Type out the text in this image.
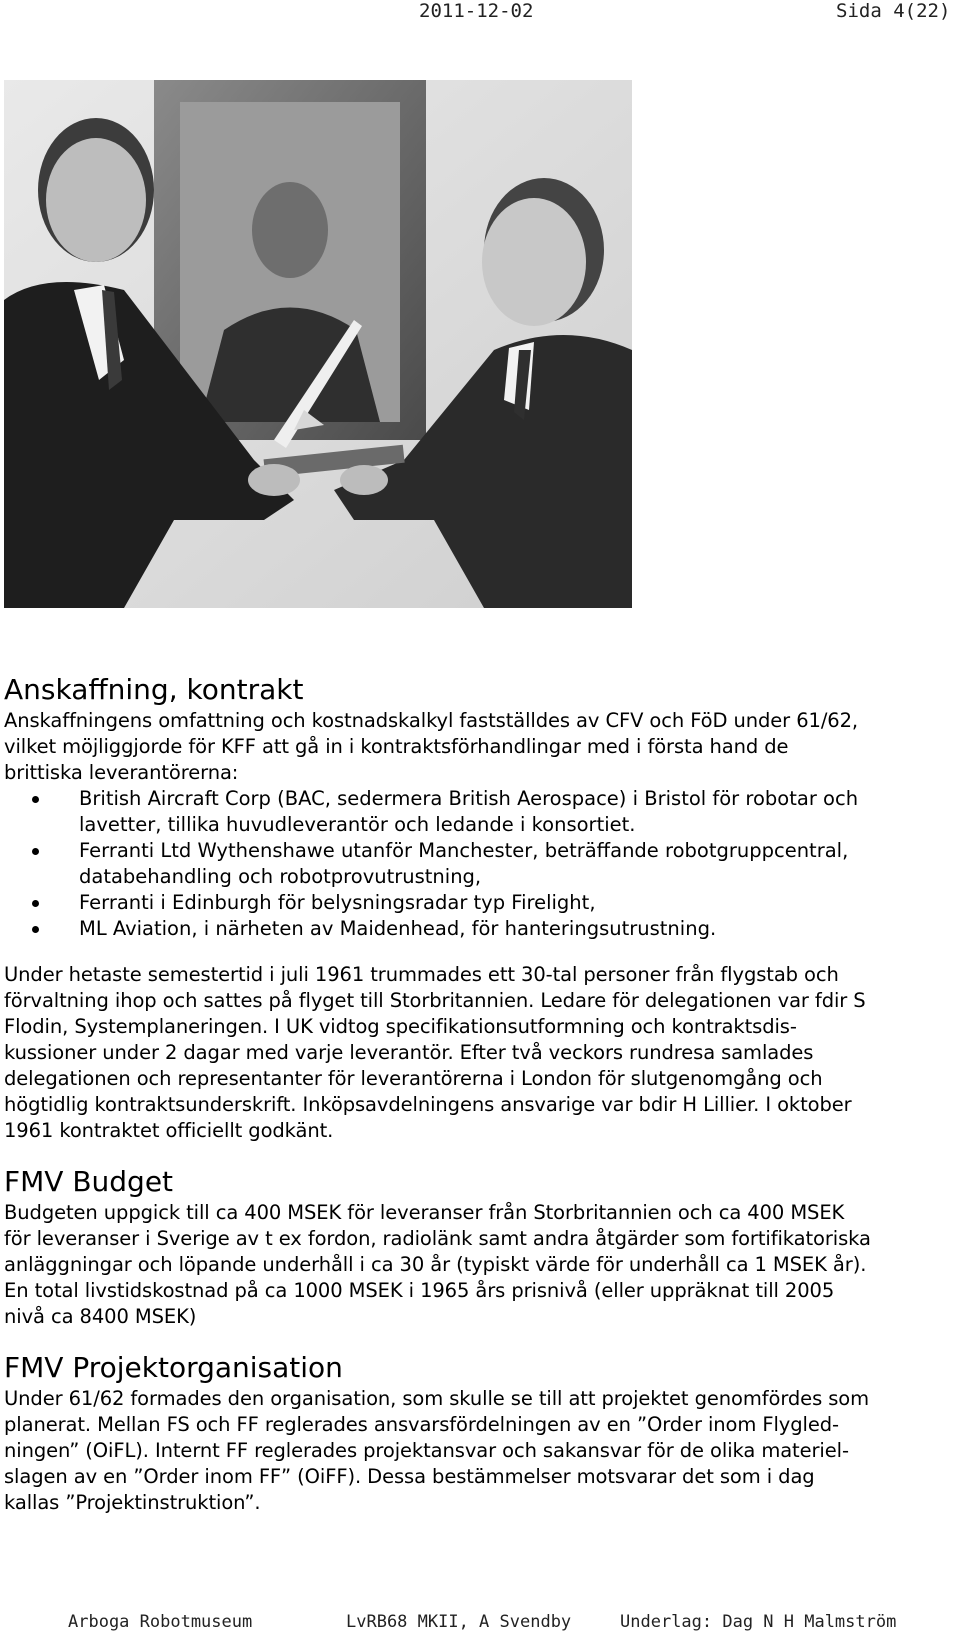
2011-12-02	Sida 4(22)
Anskaffning, kontrakt

Anskaffningens omfattning och kostnadskalkyl fastställdes av CFV och FöD under 61/62,
vilket möjliggjorde för KFF att gå in i kontraktsförhandlingar med i första hand de
brittiska leverantörerna:

British Aircraft Corp (BAC, sedermera British Aerospace) i Bristol för robotar och
lavetter, tillika huvudleverantör och ledande i konsortiet.
Ferranti Ltd Wythenshawe utanför Manchester, beträffande robotgruppcentral,
databehandling och robotprovutrustning,
Ferranti i Edinburgh för belysningsradar typ Firelight,
ML Aviation, i närheten av Maidenhead, för hanteringsutrustning.

Under hetaste semestertid i juli 1961 trummades ett 30-tal personer från flygstab och
förvaltning ihop och sattes på flyget till Storbritannien. Ledare för delegationen var fdir S
Flodin, Systemplaneringen. I UK vidtog specifikationsutformning och kontraktsdis-
kussioner under 2 dagar med varje leverantör. Efter två veckors rundresa samlades
delegationen och representanter för leverantörerna i London för slutgenomgång och
högtidlig kontraktsunderskrift. Inköpsavdelningens ansvarige var bdir H Lillier. I oktober
1961 kontraktet officiellt godkänt.

FMV Budget

Budgeten uppgick till ca 400 MSEK för leveranser från Storbritannien och ca 400 MSEK
för leveranser i Sverige av t ex fordon, radiolänk samt andra åtgärder som fortifikatoriska
anläggningar och löpande underhåll i ca 30 år (typiskt värde för underhåll ca 1 MSEK år).
En total livstidskostnad på ca 1000 MSEK i 1965 års prisnivå (eller uppräknat till 2005
nivå ca 8400 MSEK)

FMV Projektorganisation

Under 61/62 formades den organisation, som skulle se till att projektet genomfördes som
planerat. Mellan FS och FF reglerades ansvarsfördelningen av en ”Order inom Flygled-
ningen” (OiFL). Internt FF reglerades projektansvar och sakansvar för de olika materiel-
slagen av en ”Order inom FF” (OiFF). Dessa bestämmelser motsvarar det som i dag
kallas ”Projektinstruktion”.

Arboga Robotmuseum	LvRB68 MKII, A Svendby	Underlag: Dag N H Malmström
